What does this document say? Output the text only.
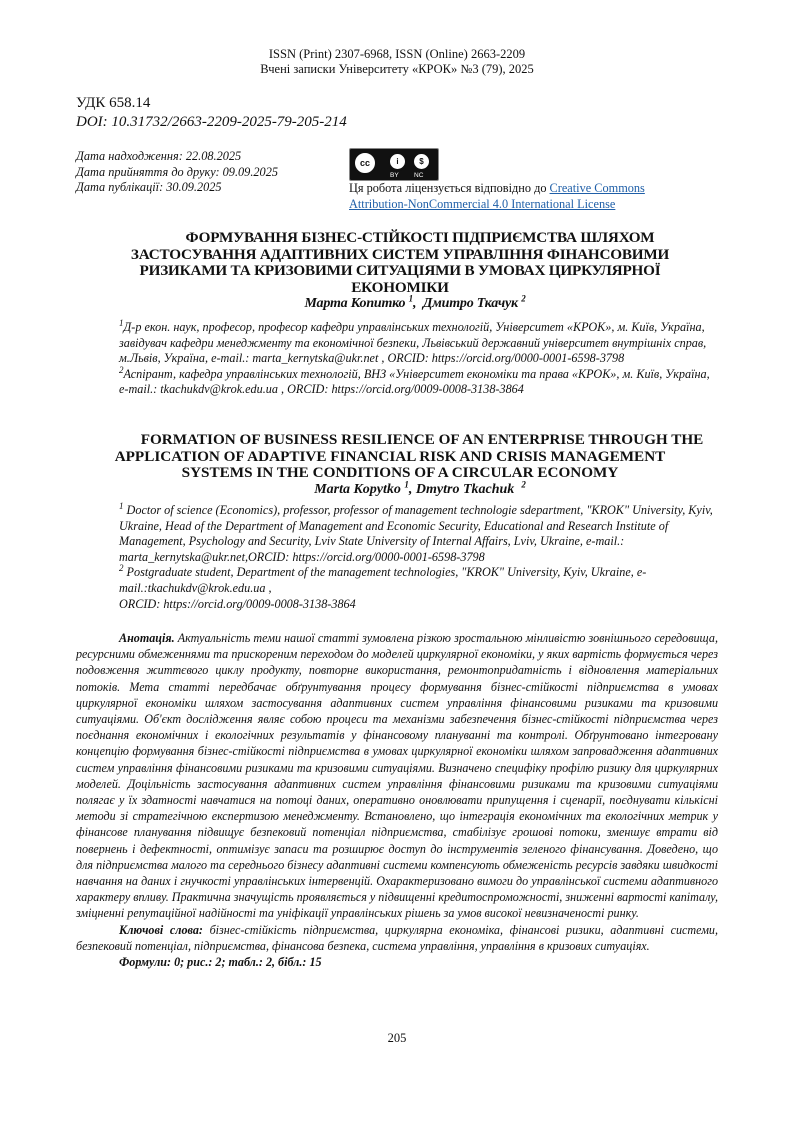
ISSN (Print) 2307-6968, ISSN (Online) 2663-2209
Вчені записки Університету «КРОК» №3 (79), 2025
УДК 658.14
DOI: 10.31732/2663-2209-2025-79-205-214
Дата надходження: 22.08.2025
Дата прийняття до друку: 09.09.2025
Дата публікації: 30.09.2025
cc	i	$
BY NC
Ця робота ліцензується відповідно до Creative Commons
Attribution-NonCommercial 4.0 International License
ФОРМУВАННЯ БІЗНЕС-СТІЙКОСТІ ПІДПРИЄМСТВА ШЛЯХОМ
ЗАСТОСУВАННЯ АДАПТИВНИХ СИСТЕМ УПРАВЛІННЯ ФІНАНСОВИМИ
РИЗИКАМИ ТА КРИЗОВИМИ СИТУАЦІЯМИ В УМОВАХ ЦИРКУЛЯРНОЇ
ЕКОНОМІКИ
Марта Копитко $^1$,  Дмитро Ткачук $^2$
$^1$Д-р екон. наук, професор, професор кафедри управлінських технологій, Університет «КРОК», м. Київ, Україна, завідувач кафедри менеджменту та економічної безпеки, Львівський державний університет внутрішніх справ, м.Львів, Україна, e-mail.: marta_kernytska@ukr.net , ORCID: https://orcid.org/0000-0001-6598-3798
$^2$Аспірант, кафедра управлінських технологій, ВНЗ «Університет економіки та права «КРОК», м. Київ, Україна, e-mail.: tkachukdv@krok.edu.ua , ORCID: https://orcid.org/0009-0008-3138-3864
FORMATION OF BUSINESS RESILIENCE OF AN ENTERPRISE THROUGH THE
APPLICATION OF ADAPTIVE FINANCIAL RISK AND CRISIS MANAGEMENT
SYSTEMS IN THE CONDITIONS OF A CIRCULAR ECONOMY
Marta Kopytko $^1$, Dmytro Tkachuk $^2$
$^1$ Doctor of science (Economics), professor, professor of management technologie sdepartment, "KROK" University, Kyiv, Ukraine, Head of the Department of Management and Economic Security, Educational and Research Institute of Management, Psychology and Security, Lviv State University of Internal Affairs, Lviv, Ukraine, e-mail.: marta_kernytska@ukr.net,ORCID: https://orcid.org/0000-0001-6598-3798
$^2$ Postgraduate student, Department of the management technologies, "KROK" University, Kyiv, Ukraine, e-mail.:tkachukdv@krok.edu.ua ,
ORCID: https://orcid.org/0009-0008-3138-3864

Анотація. Актуальність теми нашої статті зумовлена різкою зростальною мінливістю зовнішнього середовища, ресурсними обмеженнями та прискореним переходом до моделей циркулярної економіки, у яких вартість формується через подовження життєвого циклу продукту, повторне використання, ремонтопридатність і відновлення матеріальних потоків. Мета статті передбачає обґрунтування процесу формування бізнес-стійкості підприємства в умовах циркулярної економіки шляхом застосування адаптивних систем управління фінансовими ризиками та кризовими ситуаціями. Об'єкт дослідження являє собою процеси та механізми забезпечення бізнес-стійкості підприємства через поєднання економічних і екологічних результатів у фінансовому плануванні та контролі. Обґрунтовано інтегровану концепцію формування бізнес-стійкості підприємства в умовах циркулярної економіки шляхом запровадження адаптивних систем управління фінансовими ризиками та кризовими ситуаціями. Визначено специфіку профілю ризику для циркулярних моделей. Доцільність застосування адаптивних систем управління фінансовими ризиками та кризовими ситуаціями полягає у їх здатності навчатися на потоці даних, оперативно оновлювати припущення і сценарії, поєднувати кількісні методи зі стратегічною експертизою менеджменту. Встановлено, що інтеграція економічних та екологічних метрик у фінансове планування підвищує безпековий потенціал підприємства, стабілізує грошові потоки, зменшує втрати від повернень і дефектності, оптимізує запаси та розширює доступ до інструментів зеленого фінансування. Доведено, що для підприємства малого та середнього бізнесу адаптивні системи компенсують обмеженість ресурсів завдяки швидкості навчання на даних і гнучкості управлінських інтервенцій. Охарактеризовано вимоги до управлінської системи адаптивного характеру впливу. Практична значущість проявляється у підвищенні кредитоспроможності, зниженні вартості капіталу, зміцненні репутаційної надійності та уніфікації управлінських рішень за умов високої невизначеності ринку.

Ключові слова: бізнес-стійкість підприємства, циркулярна економіка, фінансові ризики, адаптивні системи, безпековий потенціал, підприємства, фінансова безпека, система управління, управління в кризових ситуаціях.

Формули: 0; рис.: 2; табл.: 2, бібл.: 15

205
